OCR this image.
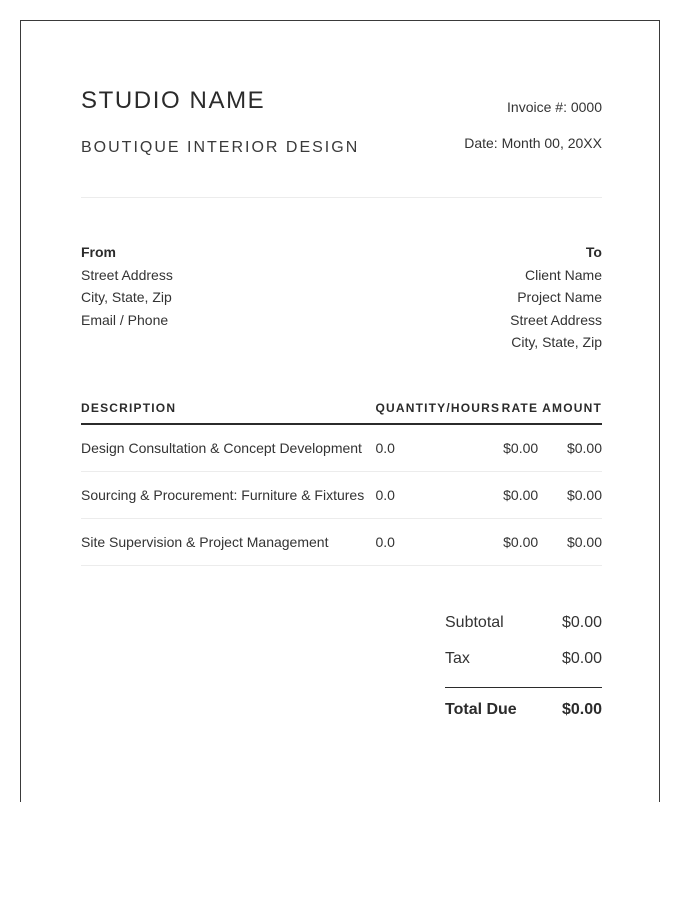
STUDIO NAME
BOUTIQUE INTERIOR DESIGN
Invoice #: 0000
Date: Month 00, 20XX
From
Street Address
City, State, Zip
Email / Phone
To
Client Name
Project Name
Street Address
City, State, Zip
DESCRIPTION	QUANTITY/HOURS	RATE	AMOUNT
Design Consultation & Concept Development	0.0	$0.00	$0.00
Sourcing & Procurement: Furniture & Fixtures	0.0	$0.00	$0.00
Site Supervision & Project Management	0.0	$0.00	$0.00
Subtotal	$0.00
Tax	$0.00
Total Due	$0.00
